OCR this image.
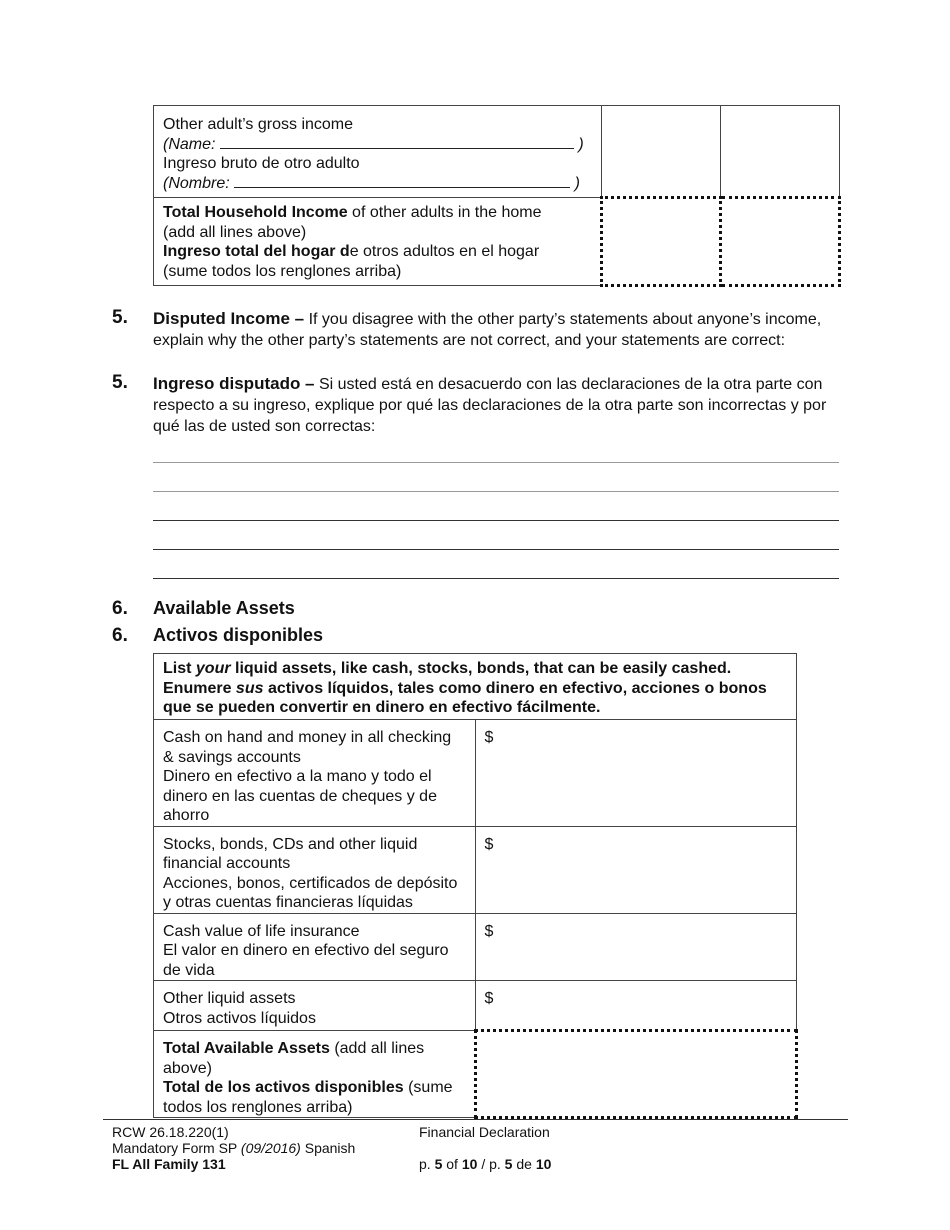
Other adult’s gross income
(Name: )
Ingreso bruto de otro adulto
(Nombre: )		

Total Household Income of other adults in the home
(add all lines above)
Ingreso total del hogar de otros adultos en el hogar
(sume todos los renglones arriba)		

5. Disputed Income – If you disagree with the other party’s statements about anyone’s income, explain why the other party’s statements are not correct, and your statements are correct:
5. Ingreso disputado – Si usted está en desacuerdo con las declaraciones de la otra parte con respecto a su ingreso, explique por qué las declaraciones de la otra parte son incorrectas y por qué las de usted son correctas:
6. Available Assets
6. Activos disponibles
List your liquid assets, like cash, stocks, bonds, that can be easily cashed.
Enumere sus activos líquidos, tales como dinero en efectivo, acciones o bonos que se pueden convertir en dinero en efectivo fácilmente.	

Cash on hand and money in all checking & savings accounts
Dinero en efectivo a la mano y todo el dinero en las cuentas de cheques y de ahorro	$

Stocks, bonds, CDs and other liquid financial accounts
Acciones, bonos, certificados de depósito y otras cuentas financieras líquidas	$

Cash value of life insurance
El valor en dinero en efectivo del seguro de vida	$

Other liquid assets
Otros activos líquidos	$

Total Available Assets (add all lines above)
Total de los activos disponibles (sume todos los renglones arriba)	

RCW 26.18.220(1)
Mandatory Form SP (09/2016) Spanish
FL All Family 131
Financial Declaration
p. 5 of 10 / p. 5 de 10
